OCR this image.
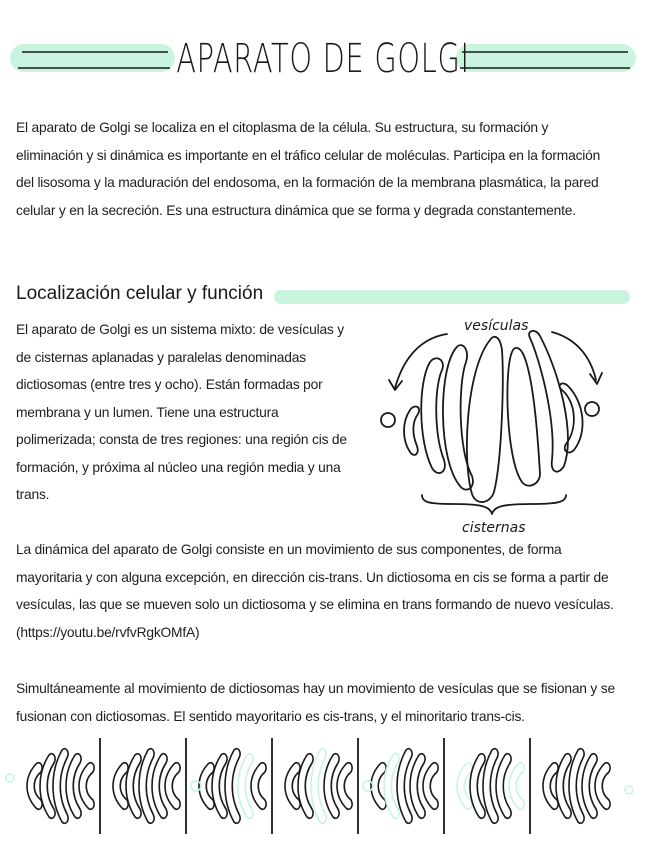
APARATO DE GOLGI
El aparato de Golgi se localiza en el citoplasma de la célula. Su estructura, su formación y eliminación y si dinámica es importante en el tráfico celular de moléculas. Participa en la formación del lisosoma y la maduración del endosoma, en la formación de la membrana plasmática, la pared celular y en la secreción. Es una estructura dinámica que se forma y degrada constantemente.
Localización celular y función
El aparato de Golgi es un sistema mixto: de vesículas y de cisternas aplanadas y paralelas denominadas dictiosomas (entre tres y ocho). Están formadas por membrana y un lumen. Tiene una estructura polimerizada; consta de tres regiones: una región cis de formación, y próxima al núcleo una región media y una trans.
vesículas
cisternas
La dinámica del aparato de Golgi consiste en un movimiento de sus componentes, de forma mayoritaria y con alguna excepción, en dirección cis-trans. Un dictiosoma en cis se forma a partir de vesículas, las que se mueven solo un dictiosoma y se elimina en trans formando de nuevo vesículas. (https://youtu.be/rvfvRgkOMfA)
Simultáneamente al movimiento de dictiosomas hay un movimiento de vesículas que se fisionan y se fusionan con dictiosomas. El sentido mayoritario es cis-trans, y el minoritario trans-cis.
